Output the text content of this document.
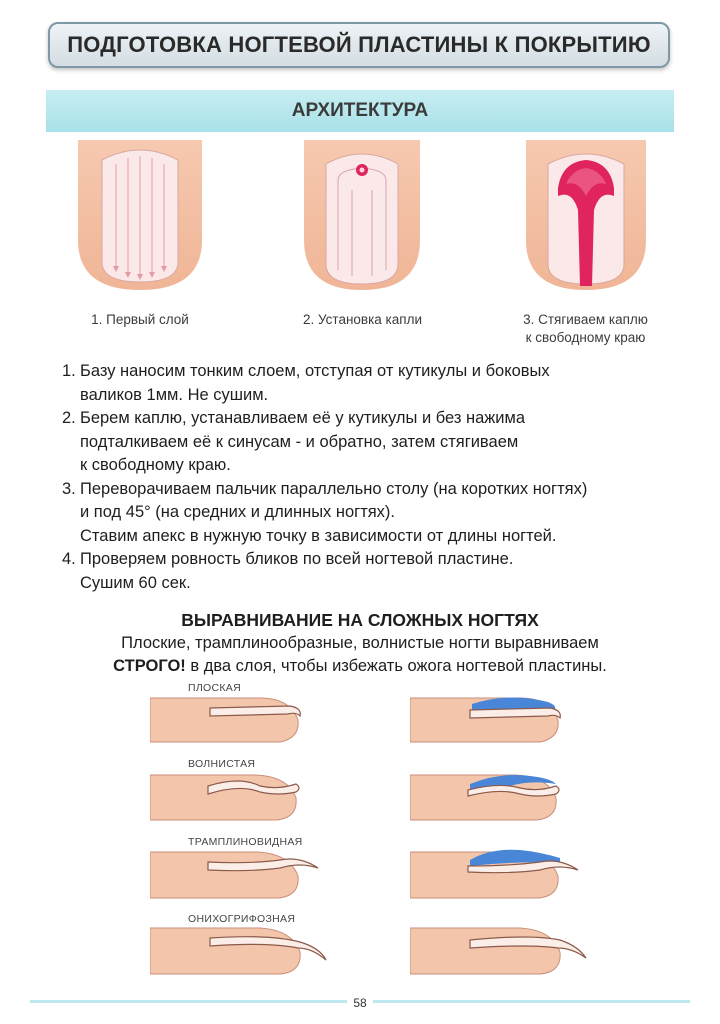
ПОДГОТОВКА НОГТЕВОЙ ПЛАСТИНЫ К ПОКРЫТИЮ
АРХИТЕКТУРА
1. Первый слой	2. Установка капли	3. Стягиваем каплю
к свободному краю
1. Базу наносим тонким слоем, отступая от кутикулы и боковых
валиков 1мм. Не сушим.
2. Берем каплю, устанавливаем её у кутикулы и без нажима
подталкиваем её к синусам - и обратно, затем стягиваем
к свободному краю.
3. Переворачиваем пальчик параллельно столу (на коротких ногтях)
и под 45° (на средних и длинных ногтях).
Ставим апекс в нужную точку в зависимости от длины ногтей.
4. Проверяем ровность бликов по всей ногтевой пластине.
Сушим 60 сек.
ВЫРАВНИВАНИЕ НА СЛОЖНЫХ НОГТЯХ
Плоские, трамплинообразные, волнистые ногти выравниваем
СТРОГО! в два слоя, чтобы избежать ожога ногтевой пластины.
ПЛОСКАЯ
ВОЛНИСТАЯ
ТРАМПЛИНОВИДНАЯ
ОНИХОГРИФОЗНАЯ
58
